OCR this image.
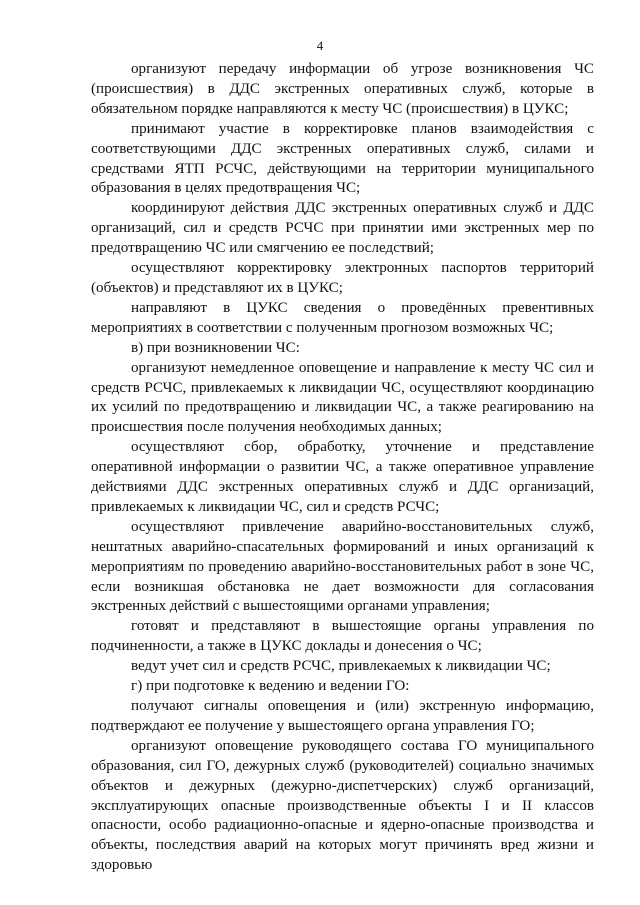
4

организуют передачу информации об угрозе возникновения ЧС (происшествия) в ДДС экстренных оперативных служб, которые в обязательном порядке направляются к месту ЧС (происшествия) в ЦУКС;

принимают участие в корректировке планов взаимодействия с соответствующими ДДС экстренных оперативных служб, силами и средствами ЯТП РСЧС, действующими на территории муниципального образования в целях предотвращения ЧС;

координируют действия ДДС экстренных оперативных служб и ДДС организаций, сил и средств РСЧС при принятии ими экстренных мер по предотвращению ЧС или смягчению ее последствий;

осуществляют корректировку электронных паспортов территорий (объектов) и представляют их в ЦУКС;

направляют в ЦУКС сведения о проведённых превентивных мероприятиях в соответствии с полученным прогнозом возможных ЧС;

в) при возникновении ЧС:

организуют немедленное оповещение и направление к месту ЧС сил и средств РСЧС, привлекаемых к ликвидации ЧС, осуществляют координацию их усилий по предотвращению и ликвидации ЧС, а также реагированию на происшествия после получения необходимых данных;

осуществляют сбор, обработку, уточнение и представление оперативной информации о развитии ЧС, а также оперативное управление действиями ДДС экстренных оперативных служб и ДДС организаций, привлекаемых к ликвидации ЧС, сил и средств РСЧС;

осуществляют привлечение аварийно-восстановительных служб, нештатных аварийно-спасательных формирований и иных организаций к мероприятиям по проведению аварийно-восстановительных работ в зоне ЧС, если возникшая обстановка не дает возможности для согласования экстренных действий с вышестоящими органами управления;

готовят и представляют в вышестоящие органы управления по подчиненности, а также в ЦУКС доклады и донесения о ЧС;

ведут учет сил и средств РСЧС, привлекаемых к ликвидации ЧС;

г) при подготовке к ведению и ведении ГО:

получают сигналы оповещения и (или) экстренную информацию, подтверждают ее получение у вышестоящего органа управления ГО;

организуют оповещение руководящего состава ГО муниципального образования, сил ГО, дежурных служб (руководителей) социально значимых объектов и дежурных (дежурно-диспетчерских) служб организаций, эксплуатирующих опасные производственные объекты I и II классов опасности, особо радиационно-опасные и ядерно-опасные производства и объекты, последствия аварий на которых могут причинять вред жизни и здоровью
